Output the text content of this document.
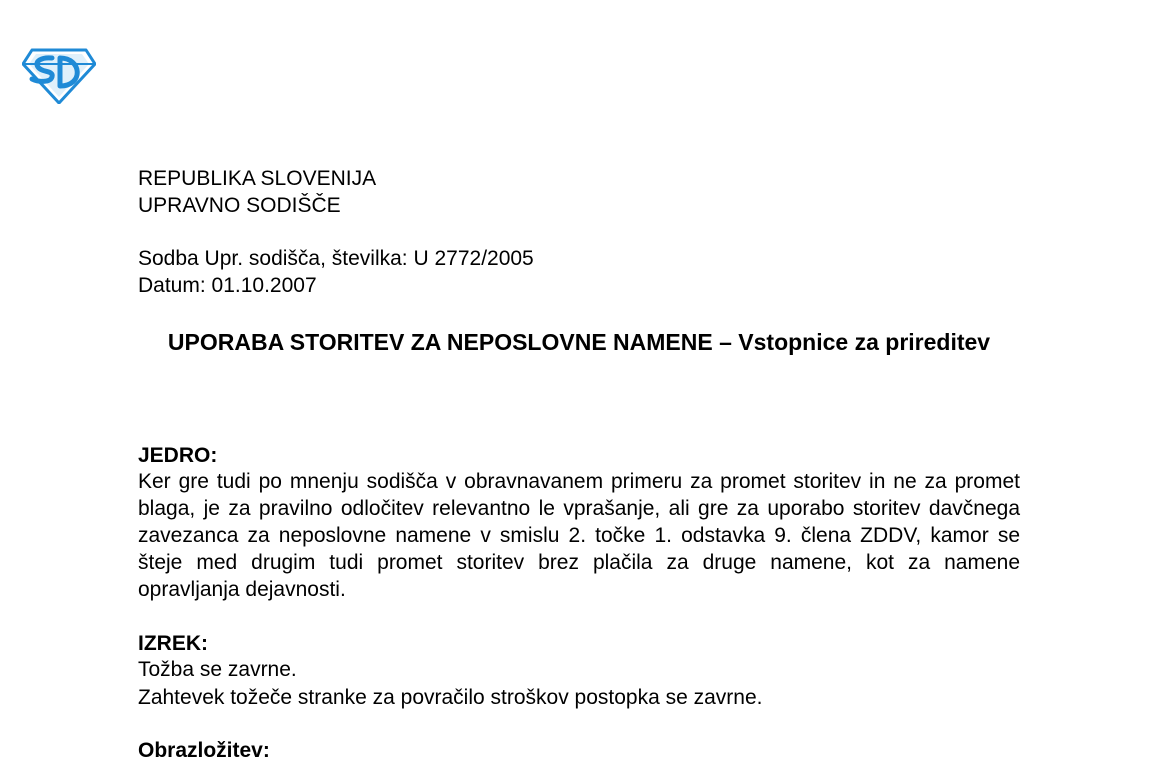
REPUBLIKA SLOVENIJA
UPRAVNO SODIŠČE
Sodba Upr. sodišča, številka: U 2772/2005
Datum: 01.10.2007
UPORABA STORITEV ZA NEPOSLOVNE NAMENE – Vstopnice za prireditev
JEDRO:
Ker gre tudi po mnenju sodišča v obravnavanem primeru za promet storitev in ne za promet blaga, je za pravilno odločitev relevantno le vprašanje, ali gre za uporabo storitev davčnega zavezanca za neposlovne namene v smislu 2. točke 1. odstavka 9. člena ZDDV, kamor se šteje med drugim tudi promet storitev brez plačila za druge namene, kot za namene opravljanja dejavnosti.
IZREK:
Tožba se zavrne.
Zahtevek tožeče stranke za povračilo stroškov postopka se zavrne.
Obrazložitev:
